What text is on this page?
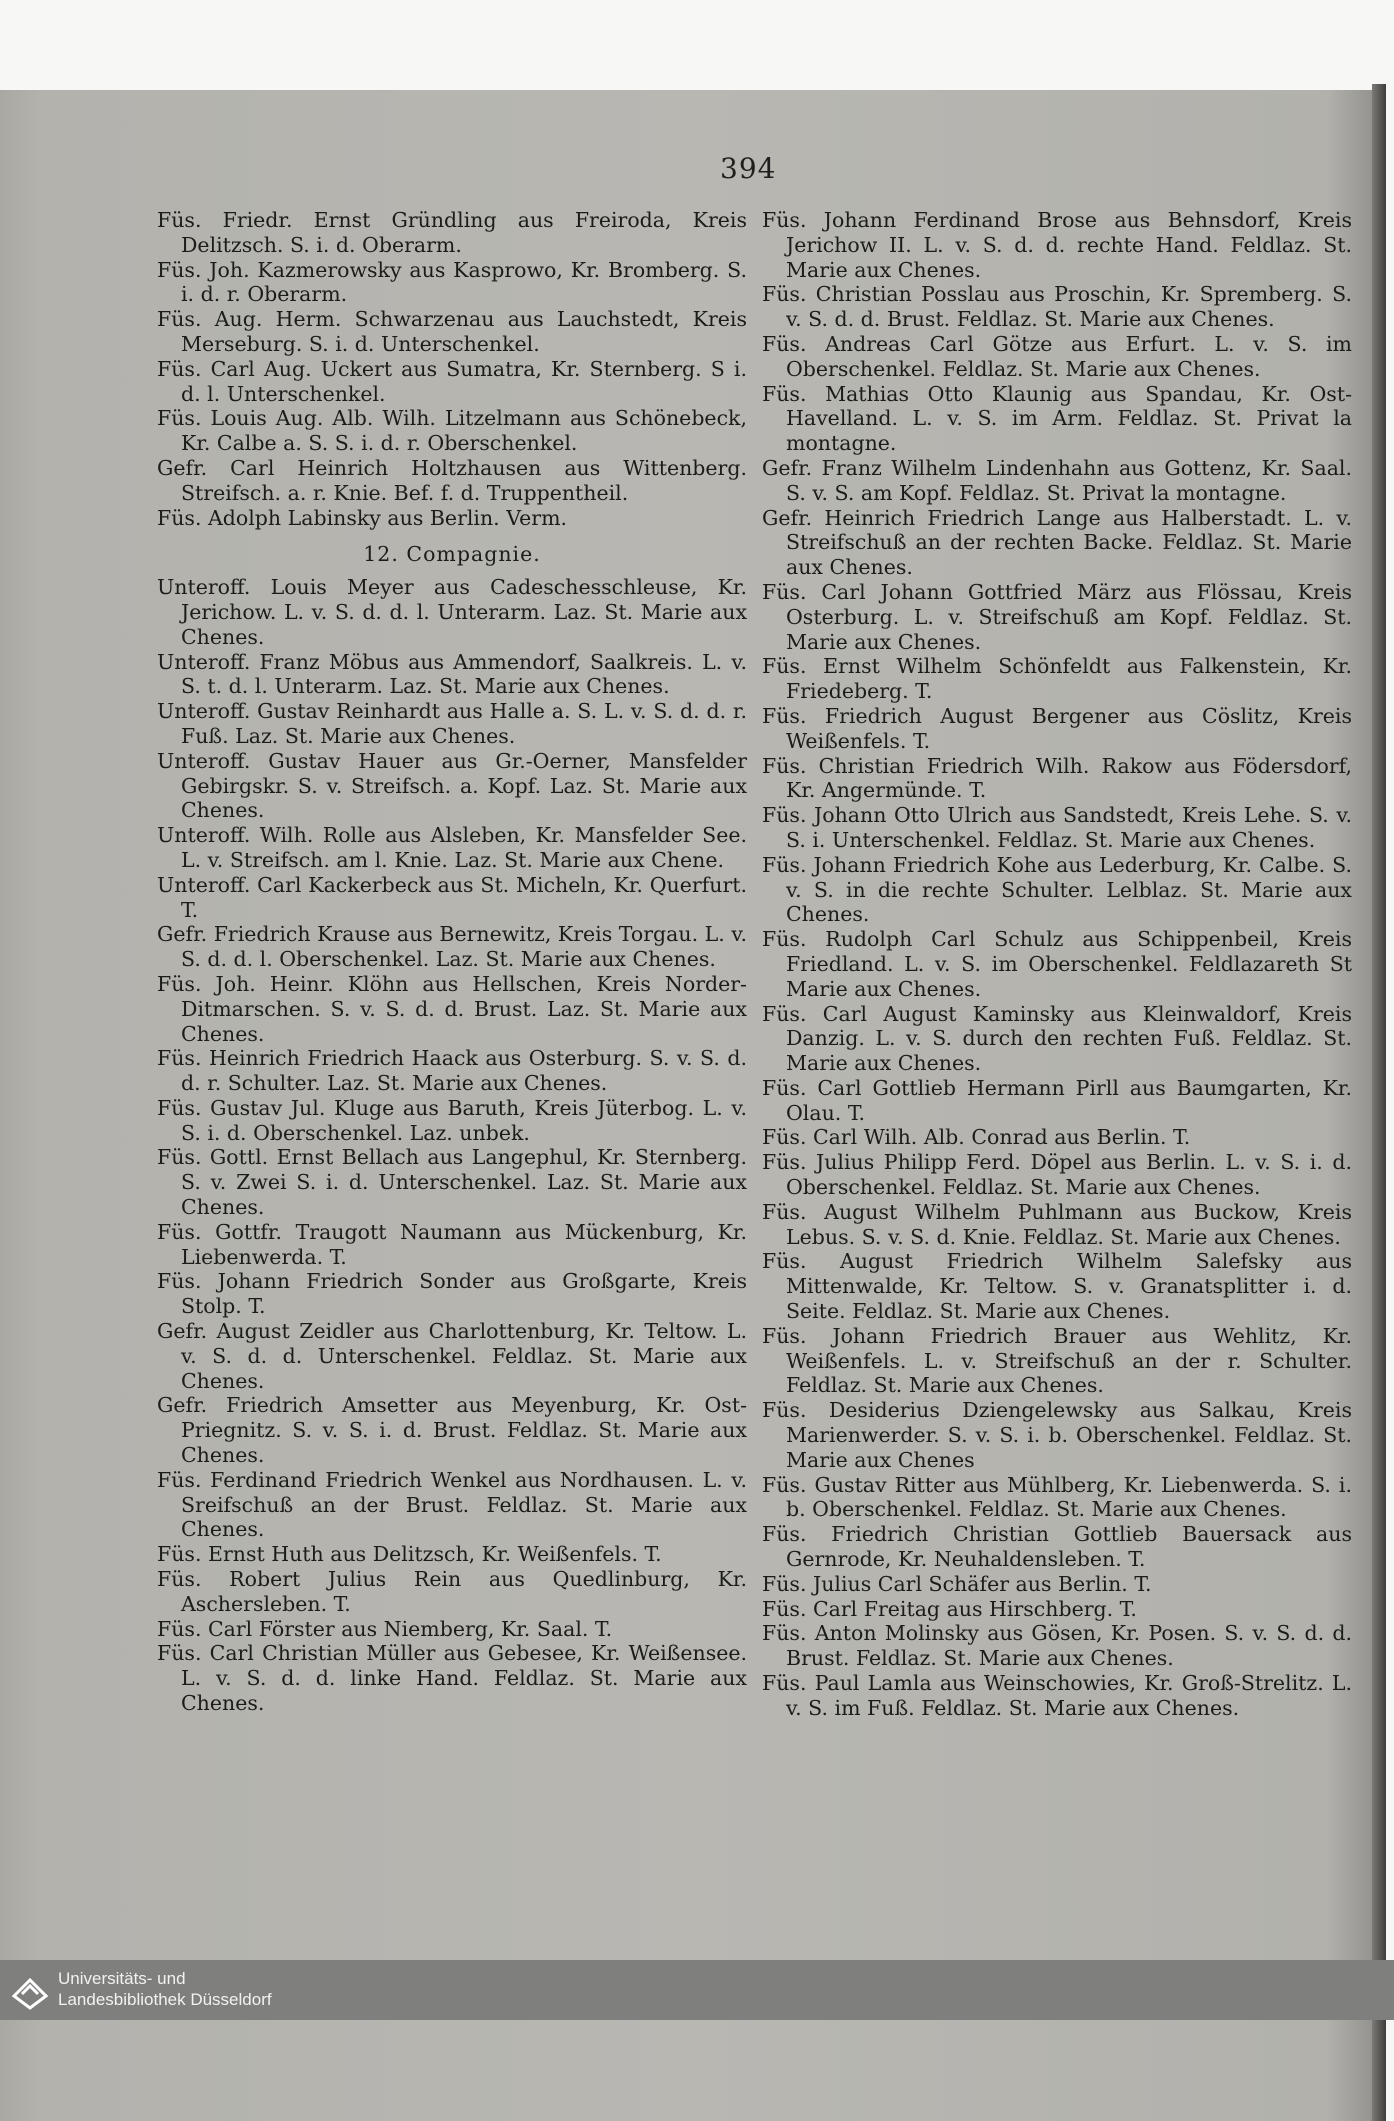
394

Füs. Friedr. Ernst Gründling aus Freiroda, Kreis Delitzsch. S. i. d. Oberarm.

Füs. Joh. Kazmerowsky aus Kasprowo, Kr. Bromberg. S. i. d. r. Oberarm.

Füs. Aug. Herm. Schwarzenau aus Lauchstedt, Kreis Merseburg. S. i. d. Unterschenkel.

Füs. Carl Aug. Uckert aus Sumatra, Kr. Sternberg. S i. d. l. Unterschenkel.

Füs. Louis Aug. Alb. Wilh. Litzelmann aus Schönebeck, Kr. Calbe a. S. S. i. d. r. Oberschenkel.

Gefr. Carl Heinrich Holtzhausen aus Wittenberg. Streifsch. a. r. Knie. Bef. f. d. Truppentheil.

Füs. Adolph Labinsky aus Berlin. Verm.

12. Compagnie.

Unteroff. Louis Meyer aus Cadeschesschleuse, Kr. Jerichow. L. v. S. d. d. l. Unterarm. Laz. St. Marie aux Chenes.

Unteroff. Franz Möbus aus Ammendorf, Saalkreis. L. v. S. t. d. l. Unterarm. Laz. St. Marie aux Chenes.

Unteroff. Gustav Reinhardt aus Halle a. S. L. v. S. d. d. r. Fuß. Laz. St. Marie aux Chenes.

Unteroff. Gustav Hauer aus Gr.-Oerner, Mansfelder Gebirgskr. S. v. Streifsch. a. Kopf. Laz. St. Marie aux Chenes.

Unteroff. Wilh. Rolle aus Alsleben, Kr. Mansfelder See. L. v. Streifsch. am l. Knie. Laz. St. Marie aux Chene.

Unteroff. Carl Kackerbeck aus St. Micheln, Kr. Querfurt. T.

Gefr. Friedrich Krause aus Bernewitz, Kreis Torgau. L. v. S. d. d. l. Oberschenkel. Laz. St. Marie aux Chenes.

Füs. Joh. Heinr. Klöhn aus Hellschen, Kreis Norder-Ditmarschen. S. v. S. d. d. Brust. Laz. St. Marie aux Chenes.

Füs. Heinrich Friedrich Haack aus Osterburg. S. v. S. d. d. r. Schulter. Laz. St. Marie aux Chenes.

Füs. Gustav Jul. Kluge aus Baruth, Kreis Jüterbog. L. v. S. i. d. Oberschenkel. Laz. unbek.

Füs. Gottl. Ernst Bellach aus Langephul, Kr. Sternberg. S. v. Zwei S. i. d. Unterschenkel. Laz. St. Marie aux Chenes.

Füs. Gottfr. Traugott Naumann aus Mückenburg, Kr. Liebenwerda. T.

Füs. Johann Friedrich Sonder aus Großgarte, Kreis Stolp. T.

Gefr. August Zeidler aus Charlottenburg, Kr. Teltow. L. v. S. d. d. Unterschenkel. Feldlaz. St. Marie aux Chenes.

Gefr. Friedrich Amsetter aus Meyenburg, Kr. Ost-Priegnitz. S. v. S. i. d. Brust. Feldlaz. St. Marie aux Chenes.

Füs. Ferdinand Friedrich Wenkel aus Nordhausen. L. v. Sreifschuß an der Brust. Feldlaz. St. Marie aux Chenes.

Füs. Ernst Huth aus Delitzsch, Kr. Weißenfels. T.

Füs. Robert Julius Rein aus Quedlinburg, Kr. Aschersleben. T.

Füs. Carl Förster aus Niemberg, Kr. Saal. T.

Füs. Carl Christian Müller aus Gebesee, Kr. Weißensee. L. v. S. d. d. linke Hand. Feldlaz. St. Marie aux Chenes.

Füs. Johann Ferdinand Brose aus Behnsdorf, Kreis Jerichow II. L. v. S. d. d. rechte Hand. Feldlaz. St. Marie aux Chenes.

Füs. Christian Posslau aus Proschin, Kr. Spremberg. S. v. S. d. d. Brust. Feldlaz. St. Marie aux Chenes.

Füs. Andreas Carl Götze aus Erfurt. L. v. S. im Oberschenkel. Feldlaz. St. Marie aux Chenes.

Füs. Mathias Otto Klaunig aus Spandau, Kr. Ost-Havelland. L. v. S. im Arm. Feldlaz. St. Privat la montagne.

Gefr. Franz Wilhelm Lindenhahn aus Gottenz, Kr. Saal. S. v. S. am Kopf. Feldlaz. St. Privat la montagne.

Gefr. Heinrich Friedrich Lange aus Halberstadt. L. v. Streifschuß an der rechten Backe. Feldlaz. St. Marie aux Chenes.

Füs. Carl Johann Gottfried März aus Flössau, Kreis Osterburg. L. v. Streifschuß am Kopf. Feldlaz. St. Marie aux Chenes.

Füs. Ernst Wilhelm Schönfeldt aus Falkenstein, Kr. Friedeberg. T.

Füs. Friedrich August Bergener aus Cöslitz, Kreis Weißenfels. T.

Füs. Christian Friedrich Wilh. Rakow aus Födersdorf, Kr. Angermünde. T.

Füs. Johann Otto Ulrich aus Sandstedt, Kreis Lehe. S. v. S. i. Unterschenkel. Feldlaz. St. Marie aux Chenes.

Füs. Johann Friedrich Kohe aus Lederburg, Kr. Calbe. S. v. S. in die rechte Schulter. Lelblaz. St. Marie aux Chenes.

Füs. Rudolph Carl Schulz aus Schippenbeil, Kreis Friedland. L. v. S. im Oberschenkel. Feldlazareth St Marie aux Chenes.

Füs. Carl August Kaminsky aus Kleinwaldorf, Kreis Danzig. L. v. S. durch den rechten Fuß. Feldlaz. St. Marie aux Chenes.

Füs. Carl Gottlieb Hermann Pirll aus Baumgarten, Kr. Olau. T.

Füs. Carl Wilh. Alb. Conrad aus Berlin. T.

Füs. Julius Philipp Ferd. Döpel aus Berlin. L. v. S. i. d. Oberschenkel. Feldlaz. St. Marie aux Chenes.

Füs. August Wilhelm Puhlmann aus Buckow, Kreis Lebus. S. v. S. d. Knie. Feldlaz. St. Marie aux Chenes.

Füs. August Friedrich Wilhelm Salefsky aus Mittenwalde, Kr. Teltow. S. v. Granatsplitter i. d. Seite. Feldlaz. St. Marie aux Chenes.

Füs. Johann Friedrich Brauer aus Wehlitz, Kr. Weißenfels. L. v. Streifschuß an der r. Schulter. Feldlaz. St. Marie aux Chenes.

Füs. Desiderius Dziengelewsky aus Salkau, Kreis Marienwerder. S. v. S. i. b. Oberschenkel. Feldlaz. St. Marie aux Chenes

Füs. Gustav Ritter aus Mühlberg, Kr. Liebenwerda. S. i. b. Oberschenkel. Feldlaz. St. Marie aux Chenes.

Füs. Friedrich Christian Gottlieb Bauersack aus Gernrode, Kr. Neuhaldensleben. T.

Füs. Julius Carl Schäfer aus Berlin. T.

Füs. Carl Freitag aus Hirschberg. T.

Füs. Anton Molinsky aus Gösen, Kr. Posen. S. v. S. d. d. Brust. Feldlaz. St. Marie aux Chenes.

Füs. Paul Lamla aus Weinschowies, Kr. Groß-Strelitz. L. v. S. im Fuß. Feldlaz. St. Marie aux Chenes.

Universitäts- und
Landesbibliothek Düsseldorf
